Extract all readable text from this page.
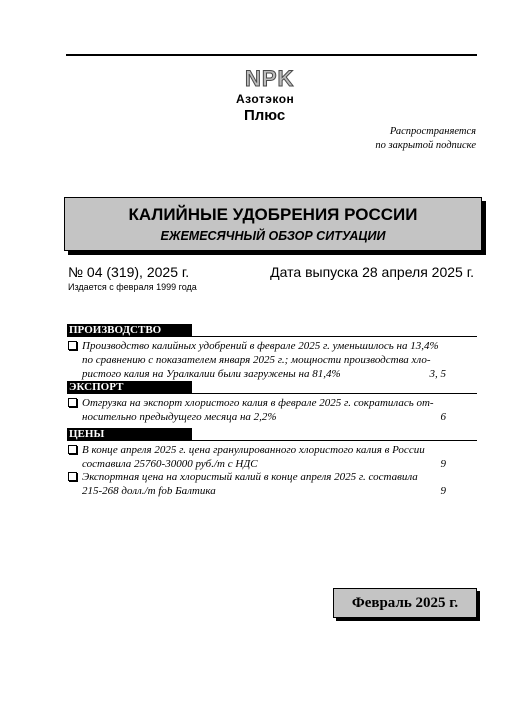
NPK
Азотэкон
Плюс
Распространяется
по закрытой подписке
КАЛИЙНЫЕ УДОБРЕНИЯ РОССИИ
ЕЖЕМЕСЯЧНЫЙ ОБЗОР СИТУАЦИИ
№ 04 (319), 2025 г.	Дата выпуска 28 апреля 2025 г.
Издается с февраля 1999 года
ПРОИЗВОДСТВО
Производство калийных удобрений в феврале 2025 г. уменьшилось на 13,4%
по сравнению с показателем января 2025 г.; мощности производства хло-
ристого калия на Уралкалии были загружены на 81,4%	3, 5
ЭКСПОРТ
Отгрузка на экспорт хлористого калия в феврале 2025 г. сократилась от-
носительно предыдущего месяца на 2,2%	6
ЦЕНЫ
В конце апреля 2025 г. цена гранулированного хлористого калия в России
составила 25760-30000 руб./т с НДС	9
Экспортная цена на хлористый калий в конце апреля 2025 г. составила
215-268 долл./т fob Балтика	9
Февраль 2025 г.
